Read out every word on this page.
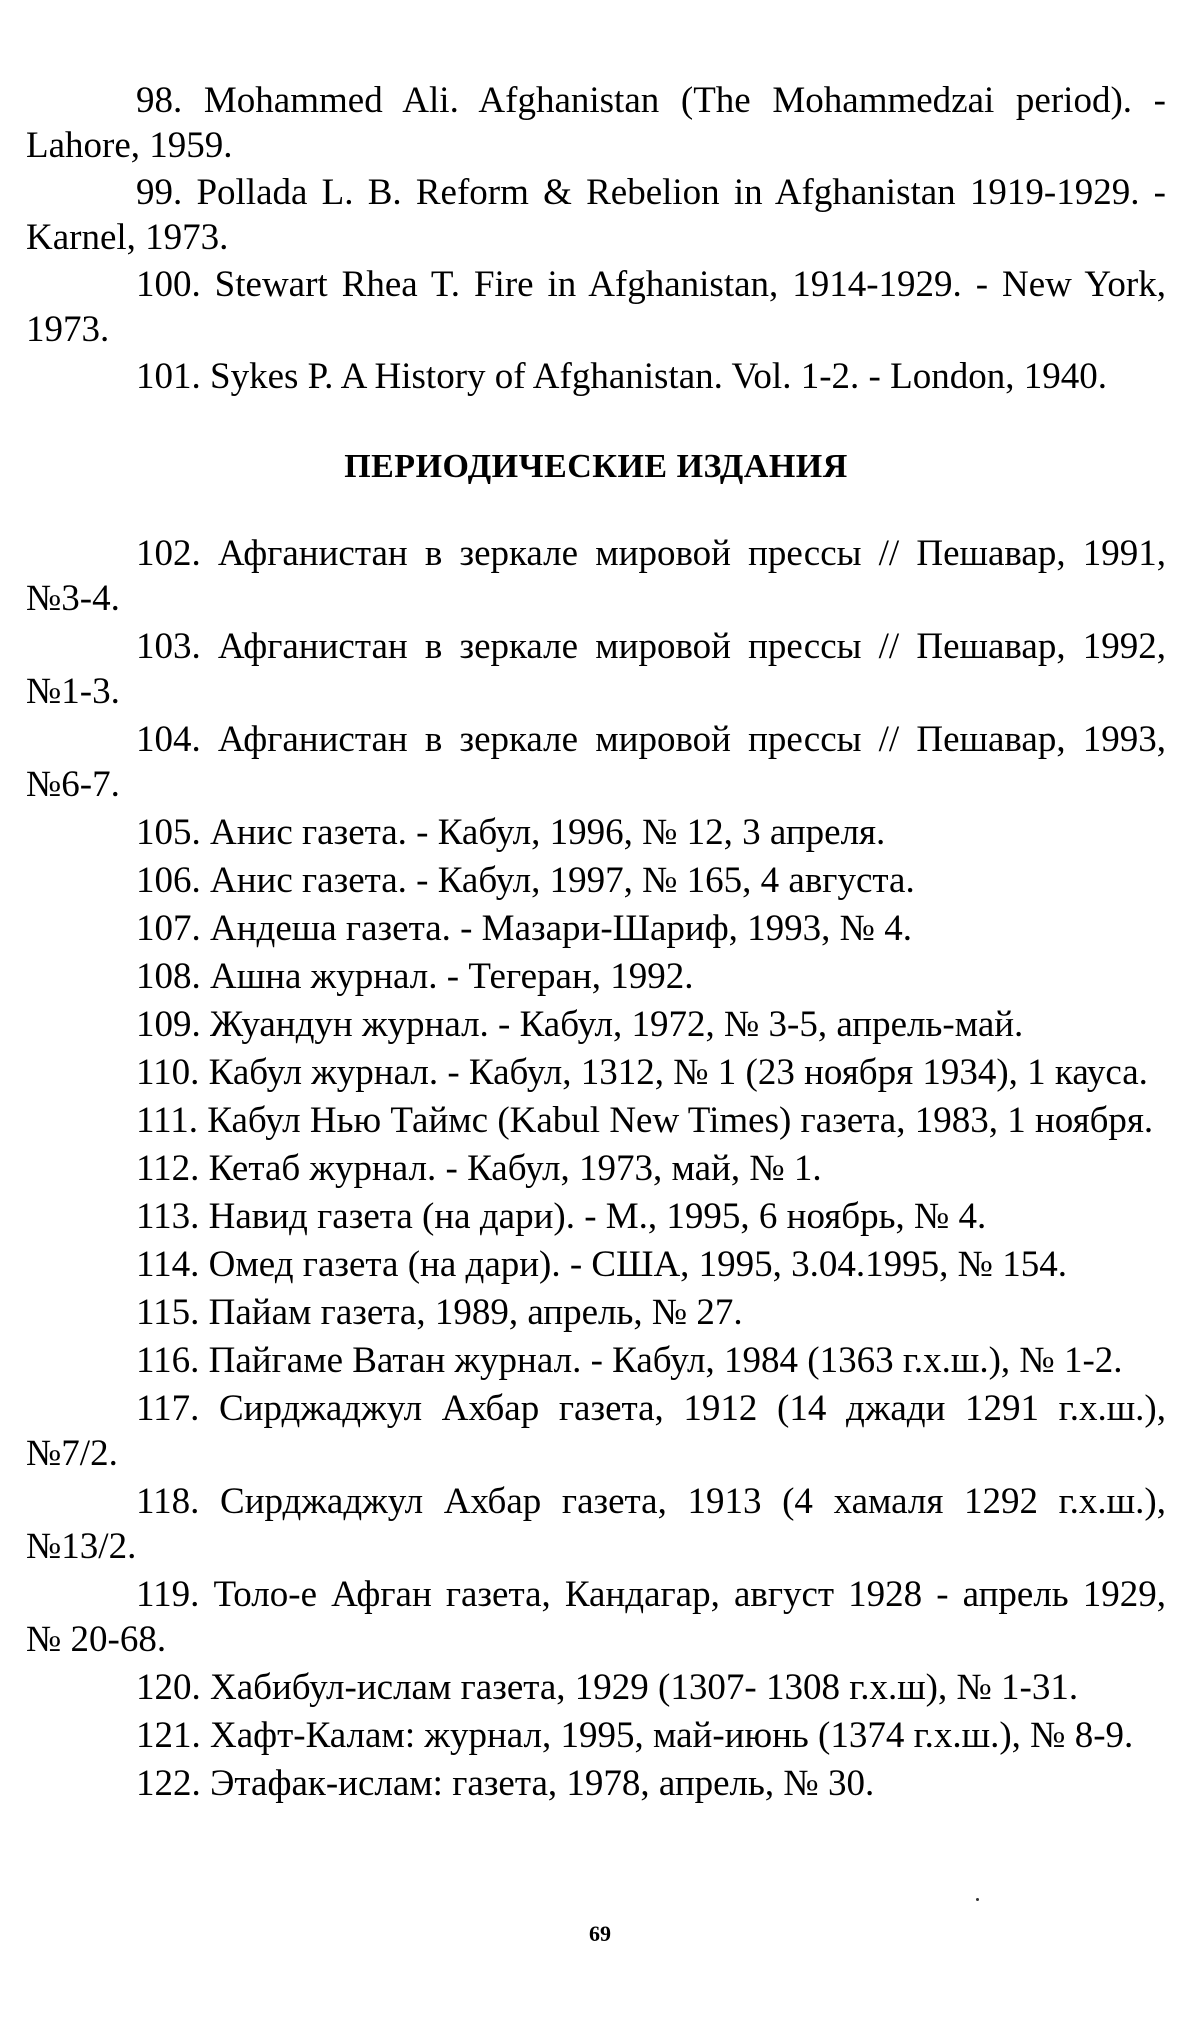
98. Mohammed Ali. Afghanistan (The Mohammedzai period). - Lahore, 1959.

99. Pollada L. B. Reform & Rebelion in Afghanistan 1919-1929. - Karnel, 1973.

100. Stewart Rhea T. Fire in Afghanistan, 1914-1929. - New York, 1973.

101. Sykes P. A History of Afghanistan. Vol. 1-2. - London, 1940.

ПЕРИОДИЧЕСКИЕ ИЗДАНИЯ

102. Афганистан в зеркале мировой прессы // Пешавар, 1991, №3-4.

103. Афганистан в зеркале мировой прессы // Пешавар, 1992, №1-3.

104. Афганистан в зеркале мировой прессы // Пешавар, 1993, №6-7.

105. Анис газета. - Кабул, 1996, № 12, 3 апреля.

106. Анис газета. - Кабул, 1997, № 165, 4 августа.

107. Андеша газета. - Мазари-Шариф, 1993, № 4.

108. Ашна журнал. - Тегеран, 1992.

109. Жуандун журнал. - Кабул, 1972, № 3-5, апрель-май.

110. Кабул журнал. - Кабул, 1312, № 1 (23 ноября 1934), 1 кауса.

111. Кабул Нью Таймс (Kabul New Times) газета, 1983, 1 ноября.

112. Кетаб журнал. - Кабул, 1973, май, № 1.

113. Навид газета (на дари). - М., 1995, 6 ноябрь, № 4.

114. Омед газета (на дари). - США, 1995, 3.04.1995, № 154.

115. Пайам газета, 1989, апрель, № 27.

116. Пайгаме Ватан журнал. - Кабул, 1984 (1363 г.х.ш.), № 1-2.

117. Сирджаджул Ахбар газета, 1912 (14 джади 1291 г.х.ш.), №7/2.

118. Сирджаджул Ахбар газета, 1913 (4 хамаля 1292 г.х.ш.), №13/2.

119. Толо-е Афган газета, Кандагар, август 1928 - апрель 1929, № 20-68.

120. Хабибул-ислам газета, 1929 (1307- 1308 г.х.ш), № 1-31.

121. Хафт-Калам: журнал, 1995, май-июнь (1374 г.х.ш.), № 8-9.

122. Этафак-ислам: газета, 1978, апрель, № 30.

69
